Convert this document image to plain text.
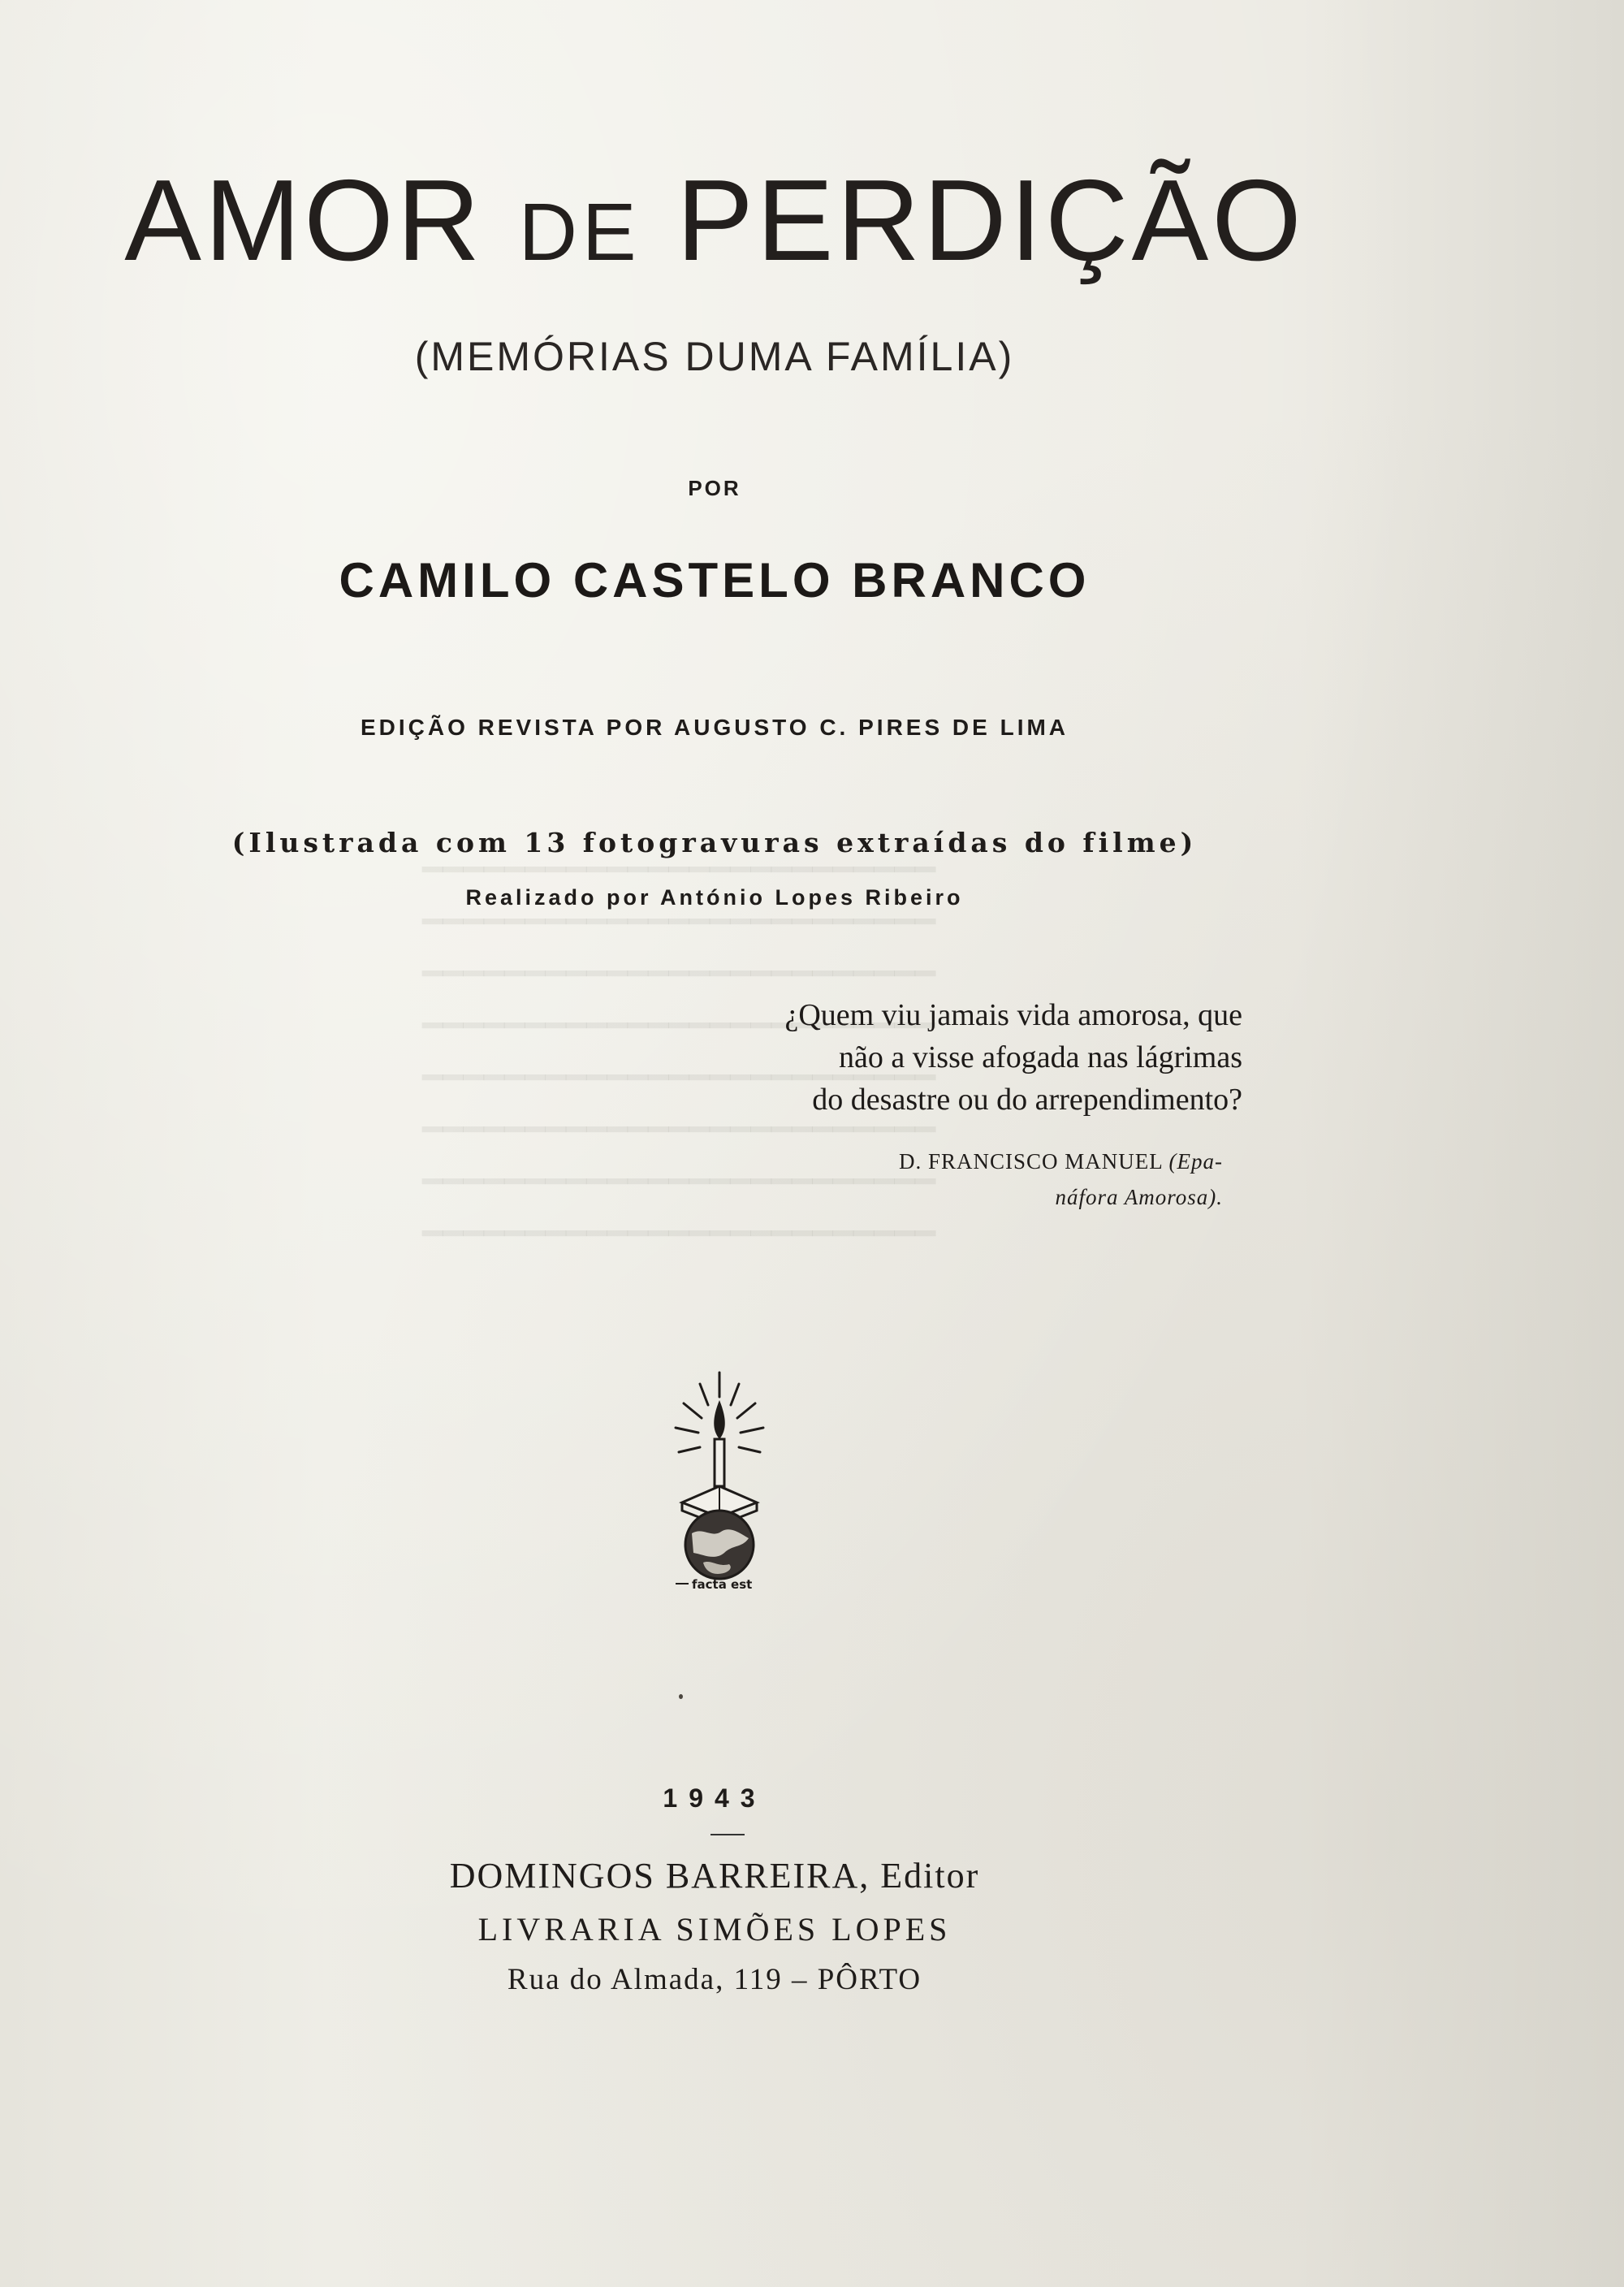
━━━━━━━━━━━━━━━━━━━━━━━━━
━━━━━━━━━━━━━━━━━━━━━━━━━
━━━━━━━━━━━━━━━━━━━━━━━━━
━━━━━━━━━━━━━━━━━━━━━━━━━
━━━━━━━━━━━━━━━━━━━━━━━━━
━━━━━━━━━━━━━━━━━━━━━━━━━
━━━━━━━━━━━━━━━━━━━━━━━━━
━━━━━━━━━━━━━━━━━━━━━━━━━
AMOR DE PERDIÇÃO
(MEMÓRIAS DUMA FAMÍLIA)
POR
CAMILO CASTELO BRANCO
EDIÇÃO REVISTA POR AUGUSTO C. PIRES DE LIMA
(Ilustrada com 13 fotogravuras extraídas do filme)
Realizado por António Lopes Ribeiro
¿Quem viu jamais vida amorosa, que
não a visse afogada nas lágrimas
do desastre ou do arrependimento?
D. FRANCISCO MANUEL (Epa-
náfora Amorosa).
facta est
1943
DOMINGOS BARREIRA, Editor
LIVRARIA SIMÕES LOPES
Rua do Almada, 119 – PÔRTO
